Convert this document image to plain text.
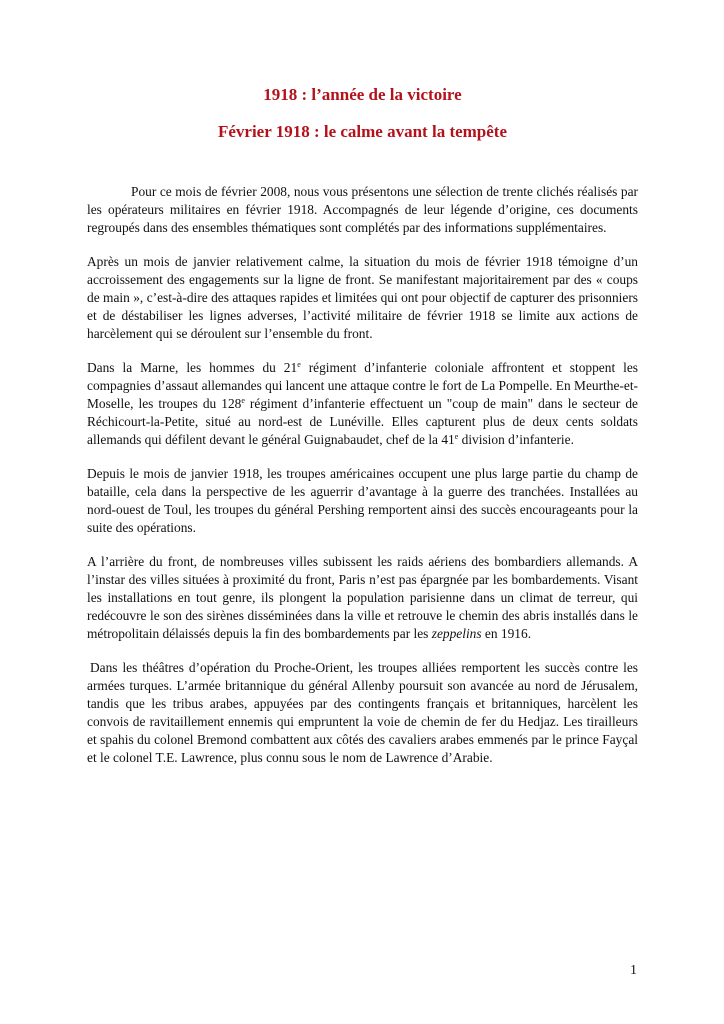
1918 : l’année de la victoire
Février 1918 : le calme avant la tempête

Pour ce mois de février 2008, nous vous présentons une sélection de trente clichés réalisés par les opérateurs militaires en février 1918. Accompagnés de leur légende d’origine, ces documents regroupés dans des ensembles thématiques sont complétés par des informations supplémentaires.

Après un mois de janvier relativement calme, la situation du mois de février 1918 témoigne d’un accroissement des engagements sur la ligne de front. Se manifestant majoritairement par des « coups de main », c’est-à-dire des attaques rapides et limitées qui ont pour objectif de capturer des prisonniers et de déstabiliser les lignes adverses, l’activité militaire de février 1918 se limite aux actions de harcèlement qui se déroulent sur l’ensemble du front.

Dans la Marne, les hommes du 21e régiment d’infanterie coloniale affrontent et stoppent les compagnies d’assaut allemandes qui lancent une attaque contre le fort de La Pompelle. En Meurthe-et-Moselle, les troupes du 128e régiment d’infanterie effectuent un "coup de main" dans le secteur de Réchicourt-la-Petite, situé au nord-est de Lunéville. Elles capturent plus de deux cents soldats allemands qui défilent devant le général Guignabaudet, chef de la 41e division d’infanterie.

Depuis le mois de janvier 1918, les troupes américaines occupent une plus large partie du champ de bataille, cela dans la perspective de les aguerrir d’avantage à la guerre des tranchées. Installées au nord-ouest de Toul, les troupes du général Pershing remportent ainsi des succès encourageants pour la suite des opérations.

A l’arrière du front, de nombreuses villes subissent les raids aériens des bombardiers allemands. A l’instar des villes situées à proximité du front, Paris n’est pas épargnée par les bombardements. Visant les installations en tout genre, ils plongent la population parisienne dans un climat de terreur, qui redécouvre le son des sirènes disséminées dans la ville et retrouve le chemin des abris installés dans le métropolitain délaissés depuis la fin des bombardements par les zeppelins en 1916.

Dans les théâtres d’opération du Proche-Orient, les troupes alliées remportent les succès contre les armées turques. L’armée britannique du général Allenby poursuit son avancée au nord de Jérusalem, tandis que les tribus arabes, appuyées par des contingents français et britanniques, harcèlent les convois de ravitaillement ennemis qui empruntent la voie de chemin de fer du Hedjaz. Les tirailleurs et spahis du colonel Bremond combattent aux côtés des cavaliers arabes emmenés par le prince Fayçal et le colonel T.E. Lawrence, plus connu sous le nom de Lawrence d’Arabie.

1
